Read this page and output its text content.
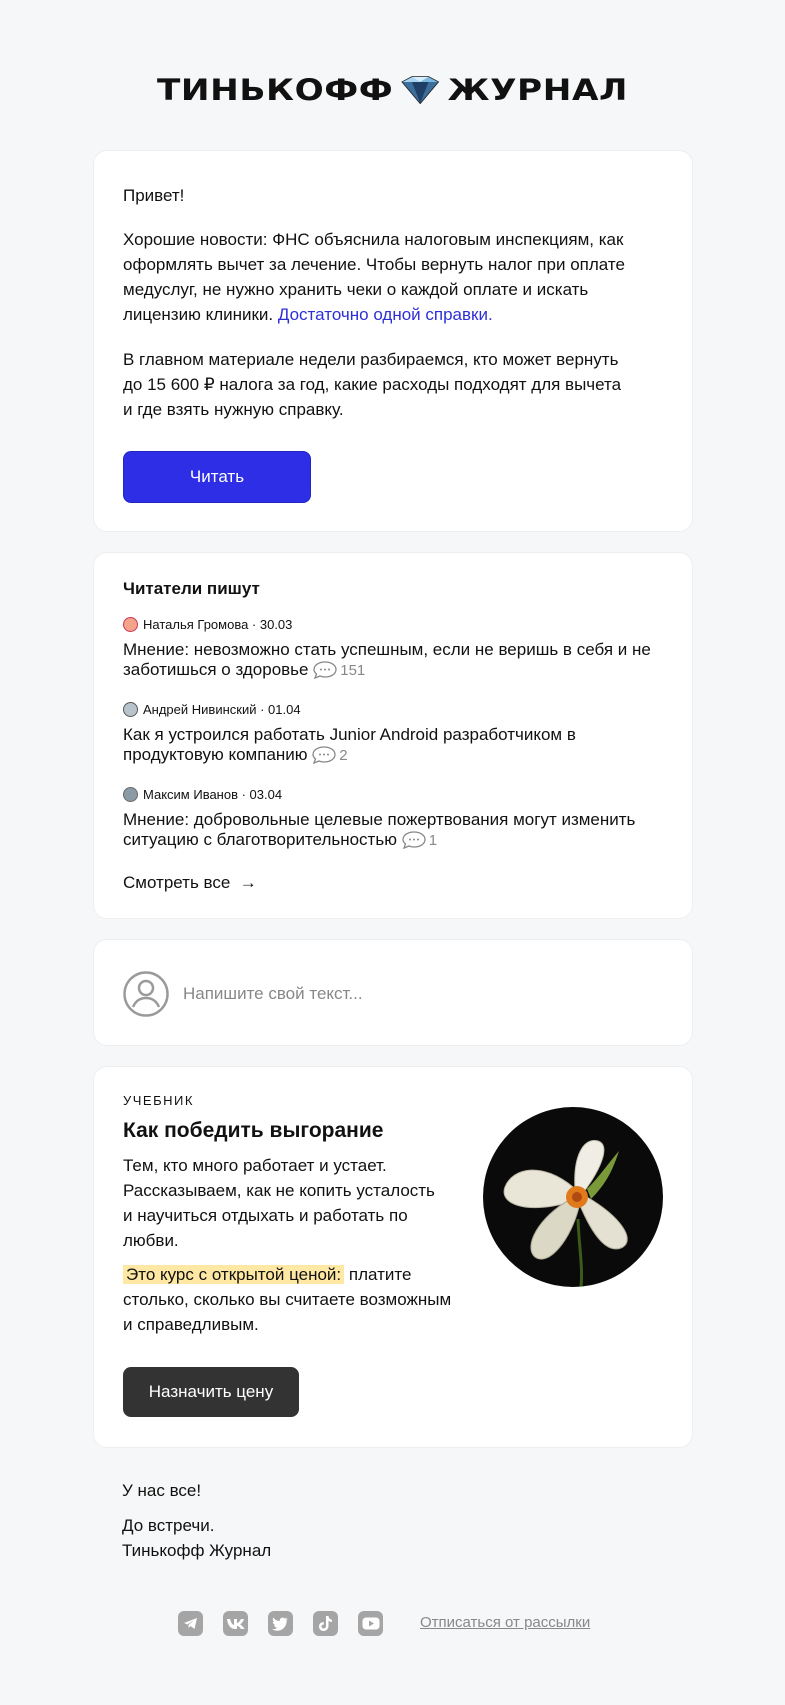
ТИНЬКОФФ ЖУРНАЛ

Привет!

Хорошие новости: ФНС объяснила налоговым инспекциям, как оформлять вычет за лечение. Чтобы вернуть налог при оплате медуслуг, не нужно хранить чеки о каждой оплате и искать лицензию клиники. Достаточно одной справки.

В главном материале недели разбираемся, кто может вернуть до 15 600 ₽ налога за год, какие расходы подходят для вычета и где взять нужную справку.

Читать
Читатели пишут
Наталья Громова · 30.03
Мнение: невозможно стать успешным, если не веришь в себя и не заботишься о здоровье 151
Андрей Нивинский · 01.04
Как я устроился работать Junior Android разработчиком в продуктовую компанию 2
Максим Иванов · 03.04
Мнение: добровольные целевые пожертвования могут изменить ситуацию с благотворительностью 1
Смотреть все →
Напишите свой текст...
УЧЕБНИК
Как победить выгорание

Тем, кто много работает и устает. Рассказываем, как не копить усталость и научиться отдыхать и работать по любви.

Это курс с открытой ценой: платите столько, сколько вы считаете возможным и справедливым.

Назначить цену
У нас все!
До встречи.
Тинькофф Журнал
Отписаться от рассылки
